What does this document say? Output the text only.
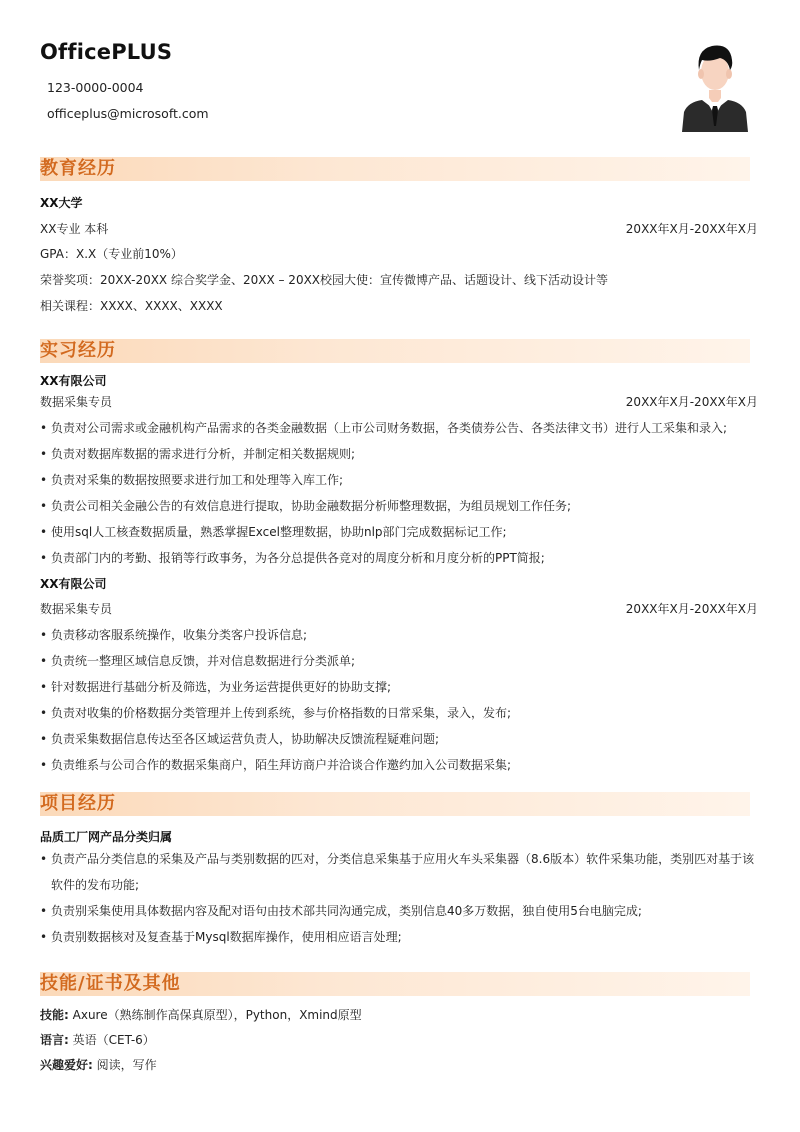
OfficePLUS
123-0000-0004
officeplus@microsoft.com
教育经历
XX大学
XX专业 本科	20XX年X月-20XX年X月
GPA：X.X（专业前10%）
荣誉奖项：20XX-20XX 综合奖学金、20XX – 20XX校园大使：宣传微博产品、话题设计、线下活动设计等
相关课程：XXXX、XXXX、XXXX
实习经历
XX有限公司
数据采集专员	20XX年X月-20XX年X月
• 负责对公司需求或金融机构产品需求的各类金融数据（上市公司财务数据，各类债券公告、各类法律文书）进行人工采集和录入;
• 负责对数据库数据的需求进行分析，并制定相关数据规则;
• 负责对采集的数据按照要求进行加工和处理等入库工作;
• 负责公司相关金融公告的有效信息进行提取，协助金融数据分析师整理数据，为组员规划工作任务;
• 使用sql人工核查数据质量，熟悉掌握Excel整理数据，协助nlp部门完成数据标记工作;
• 负责部门内的考勤、报销等行政事务，为各分总提供各竞对的周度分析和月度分析的PPT简报;
XX有限公司
数据采集专员	20XX年X月-20XX年X月
• 负责移动客服系统操作，收集分类客户投诉信息;
• 负责统一整理区域信息反馈，并对信息数据进行分类派单;
• 针对数据进行基础分析及筛选，为业务运营提供更好的协助支撑;
• 负责对收集的价格数据分类管理并上传到系统，参与价格指数的日常采集，录入，发布;
• 负责采集数据信息传达至各区域运营负责人，协助解决反馈流程疑难问题;
• 负责维系与公司合作的数据采集商户，陌生拜访商户并洽谈合作邀约加入公司数据采集;
项目经历
品质工厂网产品分类归属
• 负责产品分类信息的采集及产品与类别数据的匹对，分类信息采集基于应用火车头采集器（8.6版本）软件采集功能，类别匹对基于该
软件的发布功能;
• 负责别采集使用具体数据内容及配对语句由技术部共同沟通完成，类别信息40多万数据，独自使用5台电脑完成;
• 负责别数据核对及复查基于Mysql数据库操作，使用相应语言处理;
技能/证书及其他
技能: Axure（熟练制作高保真原型），Python，Xmind原型
语言: 英语（CET-6）
兴趣爱好: 阅读，写作
